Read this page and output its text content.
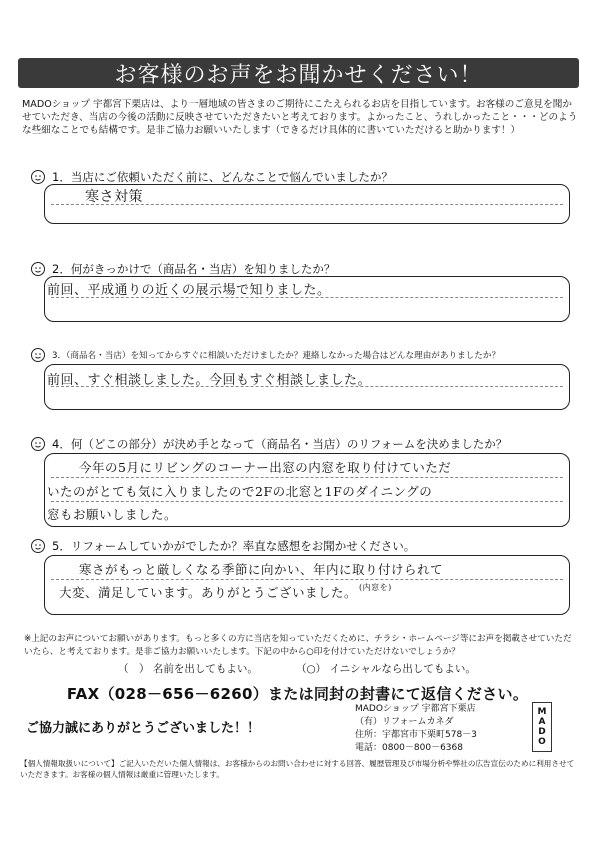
お客様のお声をお聞かせください！
MADOショップ 宇都宮下栗店は、より一層地域の皆さまのご期待にこたえられるお店を目指しています。お客様のご意見を聞かせていただき、当店の今後の活動に反映させていただきたいと考えております。よかったこと、うれしかったこと・・・どのような些細なことでも結構です。是非ご協力お願いいたします（できるだけ具体的に書いていただけると助かります！）
1．当店にご依頼いただく前に、どんなことで悩んでいましたか？
寒さ対策
2．何がきっかけで（商品名・当店）を知りましたか？
前回、平成通りの近くの展示場で知りました。
3．（商品名・当店）を知ってからすぐに相談いただけましたか？連絡しなかった場合はどんな理由がありましたか？
前回、すぐ相談しました。今回もすぐ相談しました。
4．何（どこの部分）が決め手となって（商品名・当店）のリフォームを決めましたか？
今年の5月にリビングのコーナー出窓の内窓を取り付けていただ
いたのがとても気に入りましたので2Fの北窓と1Fのダイニングの
窓もお願いしました。
5．リフォームしていかがでしたか？率直な感想をお聞かせください。
寒さがもっと厳しくなる季節に向かい、年内に取り付けられて
大変、満足しています。ありがとうございました。 $^{(内窓を)}$
※上記のお声についてお願いがあります。もっと多くの方に当店を知っていただくために、チラシ・ホームページ等にお声を掲載させていただいたら、と考えております。是非ご協力お願いいたします。下記の中から○印を付けていただけないでしょうか？
（　） 名前を出してもよい。	（○） イニシャルなら出してもよい。
FAX（028－656－6260）または同封の封書にて返信ください。
ご協力誠にありがとうございました！！
MADOショップ 宇都宮下栗店
（有）リフォームカネダ
住所：宇都宮市下栗町578－3
電話：0800－800－6368
M
A
D
O
【個人情報取扱いについて】ご記入いただいた個人情報は、お客様からのお問い合わせに対する回答、履歴管理及び市場分析や弊社の広告宣伝のために利用させていただきます。お客様の個人情報は厳重に管理いたします。
